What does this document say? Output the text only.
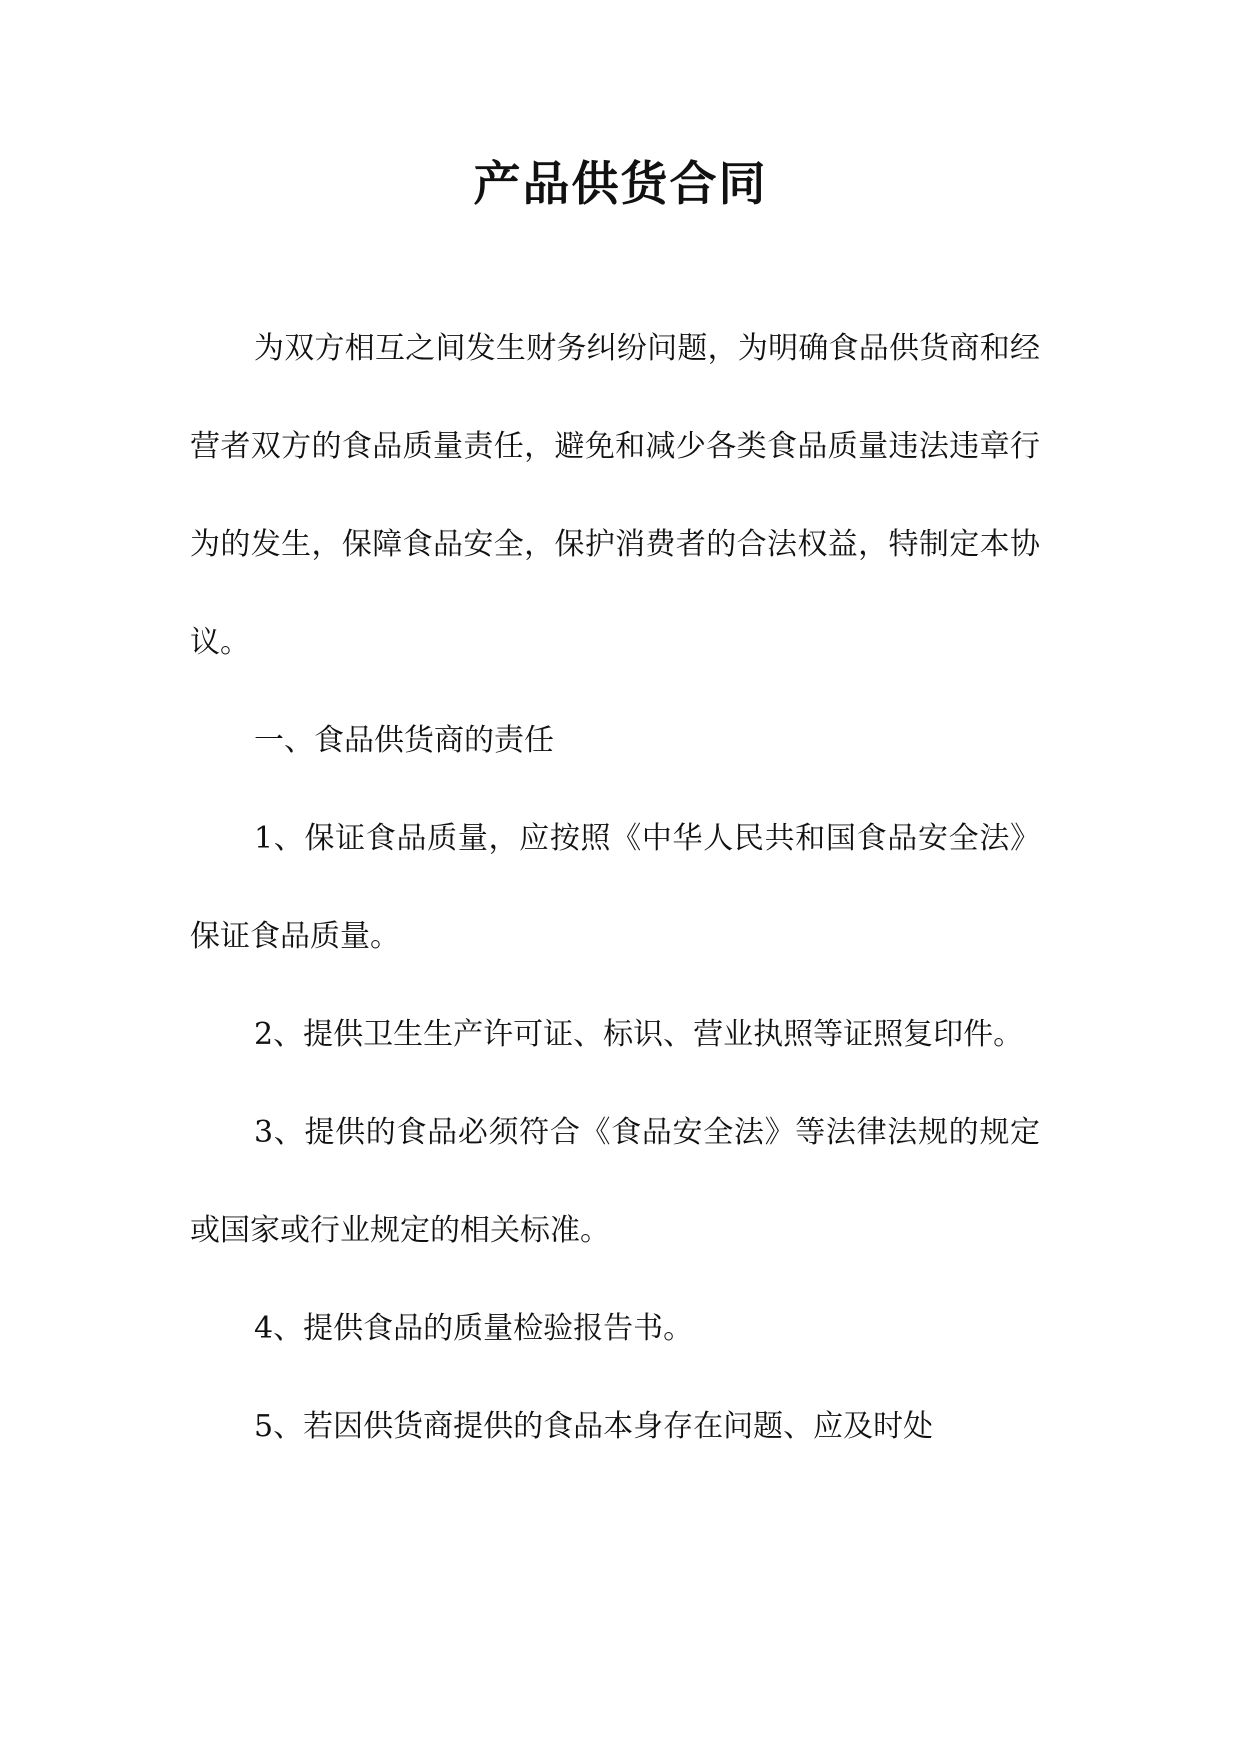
产品供货合同

为双方相互之间发生财务纠纷问题，为明确食品供货商和经营者双方的食品质量责任，避免和减少各类食品质量违法违章行为的发生，保障食品安全，保护消费者的合法权益，特制定本协议。

一、食品供货商的责任

1、保证食品质量，应按照《中华人民共和国食品安全法》保证食品质量。

2、提供卫生生产许可证、标识、营业执照等证照复印件。

3、提供的食品必须符合《食品安全法》等法律法规的规定或国家或行业规定的相关标准。

4、提供食品的质量检验报告书。

5、若因供货商提供的食品本身存在问题、应及时处
